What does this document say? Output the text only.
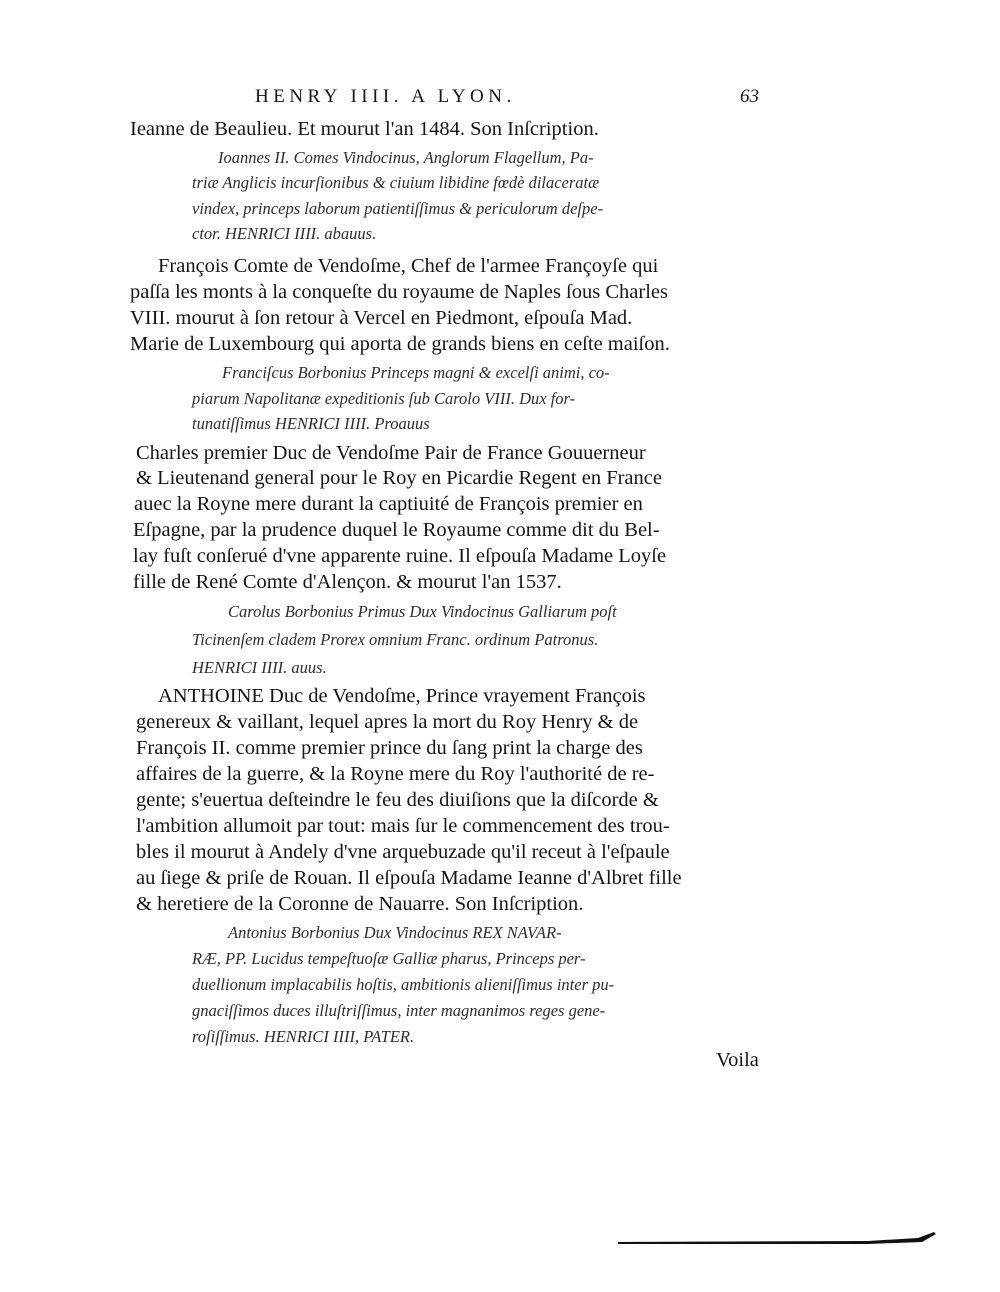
HENRY IIII. A LYON.	63
Ieanne de Beaulieu. Et mourut l'an 1484. Son Inſcription.
Ioannes II. Comes Vindocinus, Anglorum Flagellum, Pa-
triæ Anglicis incurſionibus & ciuium libidine fœdè dilaceratæ
vindex, princeps laborum patientiſſimus & periculorum deſpe-
ctor. HENRICI IIII. abauus.
François Comte de Vendoſme, Chef de l'armee Françoyſe qui
paſſa les monts à la conqueſte du royaume de Naples ſous Charles
VIII. mourut à ſon retour à Vercel en Piedmont, eſpouſa Mad.
Marie de Luxembourg qui aporta de grands biens en ceſte maiſon.
Franciſcus Borbonius Princeps magni & excelſi animi, co-
piarum Napolitanæ expeditionis ſub Carolo VIII. Dux for-
tunatiſſimus HENRICI IIII. Proauus
Charles premier Duc de Vendoſme Pair de France Gouuerneur
& Lieutenand general pour le Roy en Picardie Regent en France
auec la Royne mere durant la captiuité de François premier en
Eſpagne, par la prudence duquel le Royaume comme dit du Bel-
lay fuſt conſerué d'vne apparente ruine. Il eſpouſa Madame Loyſe
fille de René Comte d'Alençon. & mourut l'an 1537.
Carolus Borbonius Primus Dux Vindocinus Galliarum poſt
Ticinenſem cladem Prorex omnium Franc. ordinum Patronus.
HENRICI IIII. auus.
ANTHOINE Duc de Vendoſme, Prince vrayement François
genereux & vaillant, lequel apres la mort du Roy Henry & de
François II. comme premier prince du ſang print la charge des
affaires de la guerre, & la Royne mere du Roy l'authorité de re-
gente; s'euertua deſteindre le feu des diuiſions que la diſcorde &
l'ambition allumoit par tout: mais ſur le commencement des trou-
bles il mourut à Andely d'vne arquebuzade qu'il receut à l'eſpaule
au ſiege & priſe de Rouan. Il eſpouſa Madame Ieanne d'Albret fille
& heretiere de la Coronne de Nauarre. Son Inſcription.
Antonius Borbonius Dux Vindocinus REX NAVAR-
RÆ, PP. Lucidus tempeſtuoſæ Galliæ pharus, Princeps per-
duellionum implacabilis hoſtis, ambitionis alieniſſimus inter pu-
gnaciſſimos duces illuſtriſſimus, inter magnanimos reges gene-
roſiſſimus. HENRICI IIII, PATER.
Voila
